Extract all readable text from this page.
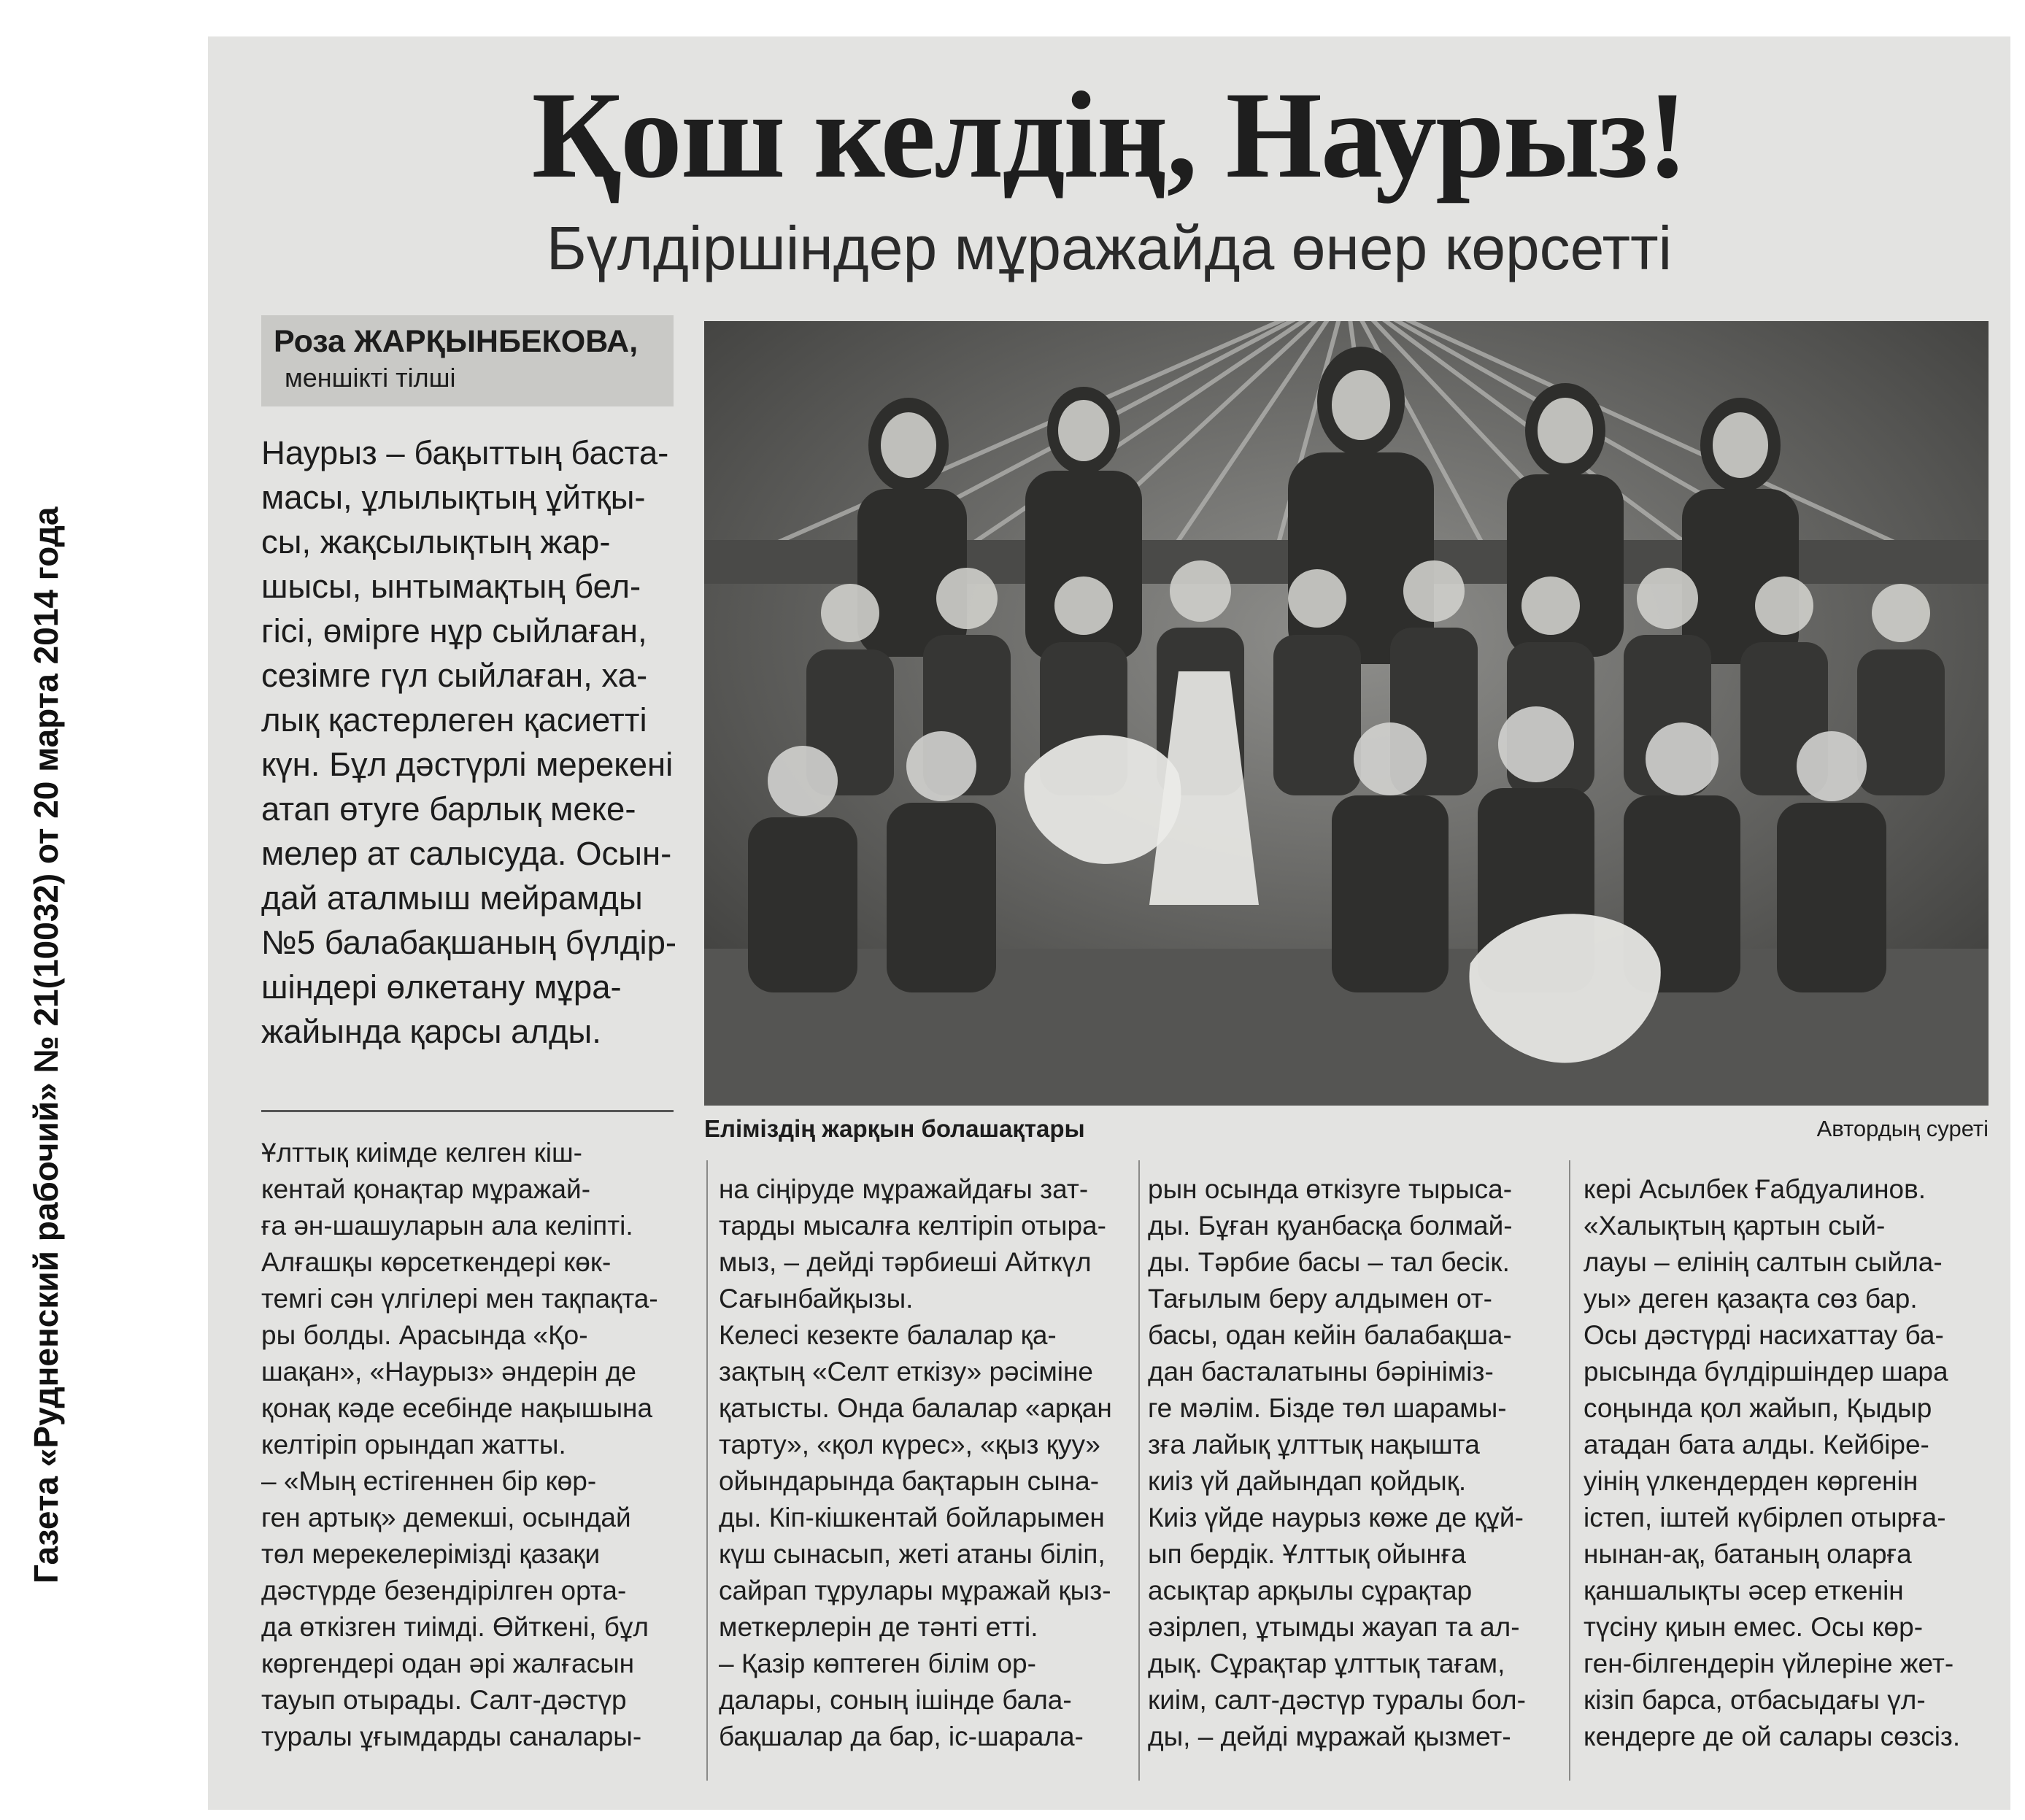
Газета «Рудненский рабочий» № 21(10032) от 20 марта 2014 года
Қош келдің, Наурыз!
Бүлдіршіндер мұражайда өнер көрсетті
Роза ЖАРҚЫНБЕКОВА,
меншікті тілші
Наурыз – бақыттың баста-
масы, ұлылықтың ұйтқы-
сы, жақсылықтың жар-
шысы, ынтымақтың бел-
гісі, өмірге нұр сыйлаған,
сезімге гүл сыйлаған, ха-
лық қастерлеген қасиетті
күн. Бұл дәстүрлі мерекені
атап өтуге барлық меке-
мелер ат салысуда. Осын-
дай аталмыш мейрамды
№5 балабақшаның бүлдір-
шіндері өлкетану мұра-
жайында қарсы алды.
Еліміздің жарқын болашақтары	Автордың суреті
Ұлттық киімде келген кіш-
кентай қонақтар мұражай-
ға ән-шашуларын ала келіпті.
Алғашқы көрсеткендері көк-
темгі сән үлгілері мен тақпақта-
ры болды. Арасында «Қо-
шақан», «Наурыз» әндерін де
қонақ кәде есебінде нақышына
келтіріп орындап жатты.
– «Мың естігеннен бір көр-
ген артық» демекші, осындай
төл мерекелерімізді қазақи
дәстүрде безендірілген орта-
да өткізген тиімді. Өйткені, бұл
көргендері одан әрі жалғасын
тауып отырады. Салт-дәстүр
туралы ұғымдарды саналары-
на сіңіруде мұражайдағы зат-
тарды мысалға келтіріп отыра-
мыз, – дейді тәрбиеші Айткүл
Сағынбайқызы.
Келесі кезекте балалар қа-
зақтың «Селт еткізу» рәсіміне
қатысты. Онда балалар «арқан
тарту», «қол күрес», «қыз қуу»
ойындарында бақтарын сына-
ды. Кіп-кішкентай бойларымен
күш сынасып, жеті атаны біліп,
сайрап тұрулары мұражай қыз-
меткерлерін де тәнті етті.
– Қазір көптеген білім ор-
далары, соның ішінде бала-
бақшалар да бар, іс-шарала-
рын осында өткізуге тырыса-
ды. Бұған қуанбасқа болмай-
ды. Тәрбие басы – тал бесік.
Тағылым беру алдымен от-
басы, одан кейін балабақша-
дан басталатыны бәрініміз-
ге мәлім. Бізде төл шарамы-
зға лайық ұлттық нақышта
киіз үй дайындап қойдық.
Киіз үйде наурыз көже де құй-
ып бердік. Ұлттық ойынға
асықтар арқылы сұрақтар
әзірлеп, ұтымды жауап та ал-
дық. Сұрақтар ұлттық тағам,
киім, салт-дәстүр туралы бол-
ды, – дейді мұражай қызмет-
кері Асылбек Ғабдуалинов.
«Халықтың қартын сый-
лауы – елінің салтын сыйла-
уы» деген қазақта сөз бар.
Осы дәстүрді насихаттау ба-
рысында бүлдіршіндер шара
соңында қол жайып, Қыдыр
атадан бата алды. Кейбіре-
уінің үлкендерден көргенін
істеп, іштей күбірлеп отырға-
нынан-ақ, батаның оларға
қаншалықты әсер еткенін
түсіну қиын емес. Осы көр-
ген-білгендерін үйлеріне жет-
кізіп барса, отбасыдағы үл-
кендерге де ой салары сөзсіз.
